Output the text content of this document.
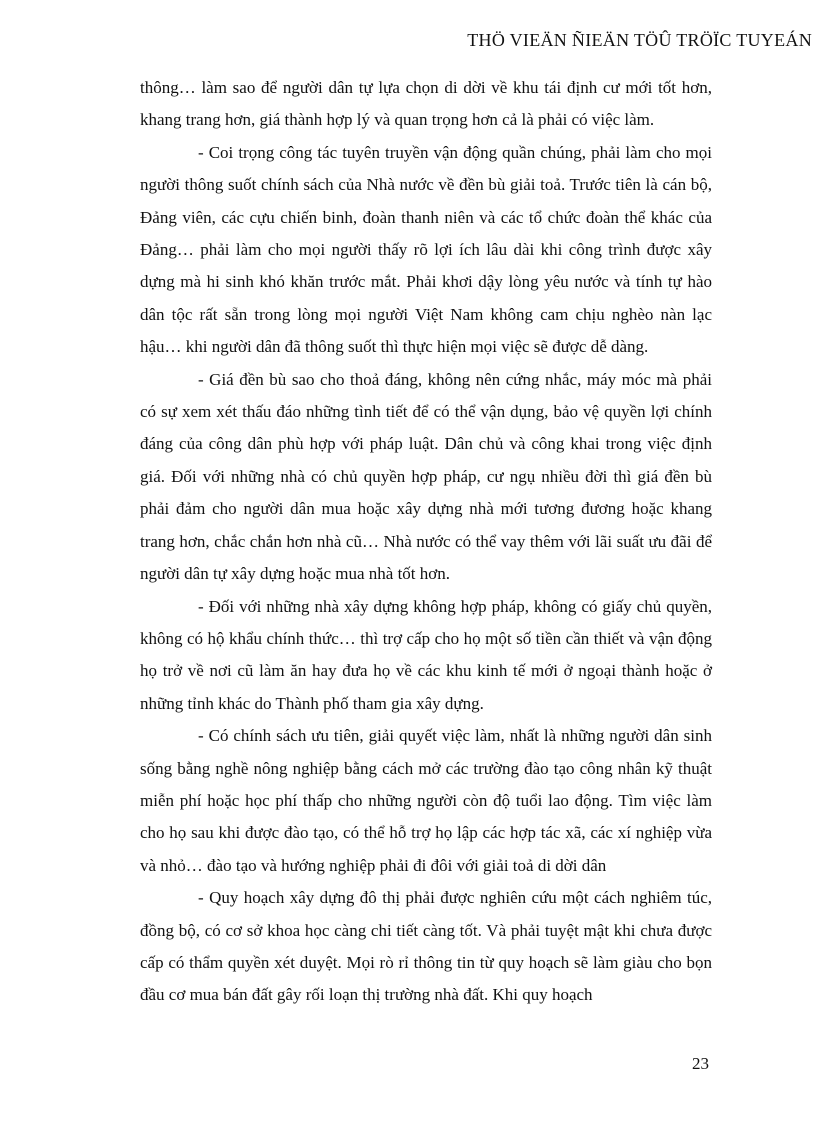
THÖ VIEÄN ÑIEÄN TÖÛ TRÖÏC TUYEÁN

thông… làm sao để người dân tự lựa chọn di dời về khu tái định cư mới tốt hơn, khang trang hơn, giá thành hợp lý và quan trọng hơn cả là phải có việc làm.

- Coi trọng công tác tuyên truyền vận động quần chúng, phải làm cho mọi người thông suốt chính sách của Nhà nước về đền bù giải toả. Trước tiên là cán bộ, Đảng viên, các cựu chiến binh, đoàn thanh niên và các tổ chức đoàn thể khác của Đảng… phải làm cho mọi người thấy rõ lợi ích lâu dài khi công trình được xây dựng mà hi sinh khó khăn trước mắt. Phải khơi dậy lòng yêu nước và tính tự hào dân tộc rất sẵn trong lòng mọi người Việt Nam không cam chịu nghèo nàn lạc hậu… khi người dân đã thông suốt thì thực hiện mọi việc sẽ được dễ dàng.

- Giá đền bù sao cho thoả đáng, không nên cứng nhắc, máy móc mà phải có sự xem xét thấu đáo những tình tiết để có thể vận dụng, bảo vệ quyền lợi chính đáng của công dân phù hợp với pháp luật. Dân chủ và công khai trong việc định giá. Đối với những nhà có chủ quyền hợp pháp, cư ngụ nhiều đời thì giá đền bù phải đảm cho người dân mua hoặc xây dựng nhà mới tương đương hoặc khang trang hơn, chắc chắn hơn nhà cũ… Nhà nước có thể vay thêm với lãi suất ưu đãi để người dân tự xây dựng hoặc mua nhà tốt hơn.

- Đối với những nhà xây dựng không hợp pháp, không có giấy chủ quyền, không có hộ khẩu chính thức… thì trợ cấp cho họ một số tiền cần thiết và vận động họ trở về nơi cũ làm ăn hay đưa họ về các khu kinh tế mới ở ngoại thành hoặc ở những tỉnh khác do Thành phố tham gia xây dựng.

- Có chính sách ưu tiên, giải quyết việc làm, nhất là những người dân sinh sống bằng nghề nông nghiệp bằng cách mở các trường đào tạo công nhân kỹ thuật miễn phí hoặc học phí thấp cho những người còn độ tuổi lao động. Tìm việc làm cho họ sau khi được đào tạo, có thể hỗ trợ họ lập các hợp tác xã, các xí nghiệp vừa và nhỏ… đào tạo và hướng nghiệp phải đi đôi với giải toả di dời dân

- Quy hoạch xây dựng đô thị phải được nghiên cứu một cách nghiêm túc, đồng bộ, có cơ sở khoa học càng chi tiết càng tốt. Và phải tuyệt mật khi chưa được cấp có thẩm quyền xét duyệt. Mọi rò rỉ thông tin từ quy hoạch sẽ làm giàu cho bọn đầu cơ mua bán đất gây rối loạn thị trường nhà đất. Khi quy hoạch

23
